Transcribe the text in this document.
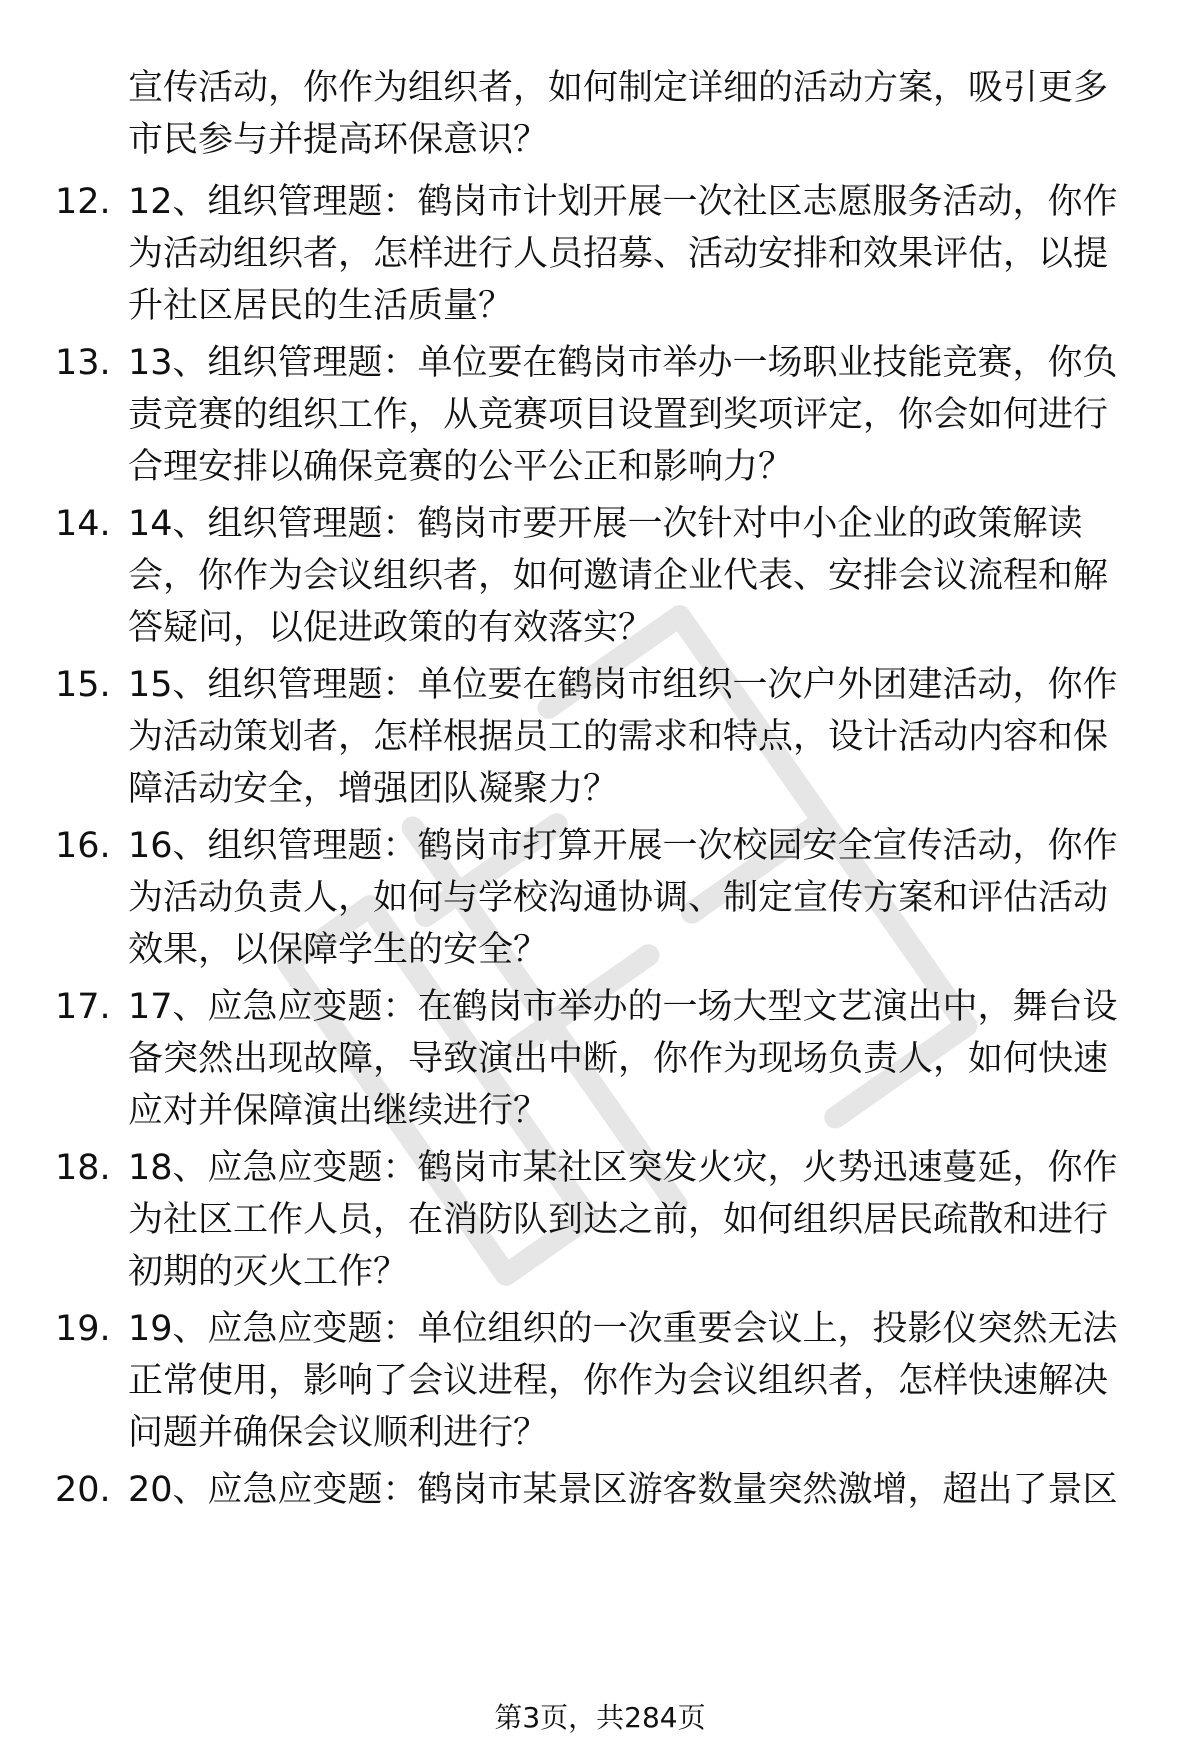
宣传活动，你作为组织者，如何制定详细的活动方案，吸引更多
市民参与并提高环保意识？
12. 12、组织管理题：鹤岗市计划开展一次社区志愿服务活动，你作
为活动组织者，怎样进行人员招募、活动安排和效果评估，以提
升社区居民的生活质量？
13. 13、组织管理题：单位要在鹤岗市举办一场职业技能竞赛，你负
责竞赛的组织工作，从竞赛项目设置到奖项评定，你会如何进行
合理安排以确保竞赛的公平公正和影响力？
14. 14、组织管理题：鹤岗市要开展一次针对中小企业的政策解读
会，你作为会议组织者，如何邀请企业代表、安排会议流程和解
答疑问，以促进政策的有效落实？
15. 15、组织管理题：单位要在鹤岗市组织一次户外团建活动，你作
为活动策划者，怎样根据员工的需求和特点，设计活动内容和保
障活动安全，增强团队凝聚力？
16. 16、组织管理题：鹤岗市打算开展一次校园安全宣传活动，你作
为活动负责人，如何与学校沟通协调、制定宣传方案和评估活动
效果，以保障学生的安全？
17. 17、应急应变题：在鹤岗市举办的一场大型文艺演出中，舞台设
备突然出现故障，导致演出中断，你作为现场负责人，如何快速
应对并保障演出继续进行？
18. 18、应急应变题：鹤岗市某社区突发火灾，火势迅速蔓延，你作
为社区工作人员，在消防队到达之前，如何组织居民疏散和进行
初期的灭火工作？
19. 19、应急应变题：单位组织的一次重要会议上，投影仪突然无法
正常使用，影响了会议进程，你作为会议组织者，怎样快速解决
问题并确保会议顺利进行？
20. 20、应急应变题：鹤岗市某景区游客数量突然激增，超出了景区
第3页，共284页
